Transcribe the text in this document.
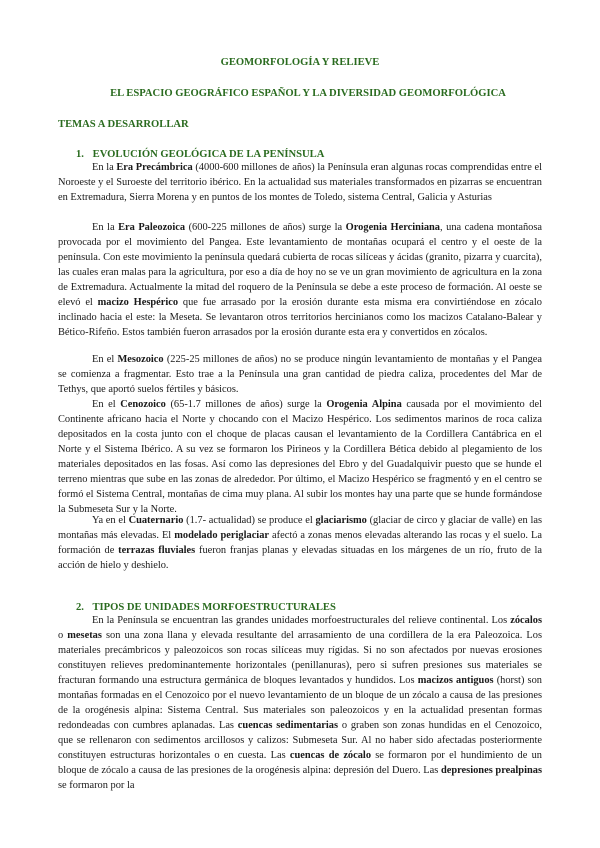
GEOMORFOLOGÍA Y RELIEVE
EL ESPACIO GEOGRÁFICO ESPAÑOL Y LA DIVERSIDAD GEOMORFOLÓGICA
TEMAS A DESARROLLAR
1. EVOLUCIÓN GEOLÓGICA DE LA PENÍNSULA

En la Era Precámbrica (4000-600 millones de años) la Península eran algunas rocas comprendidas entre el Noroeste y el Suroeste del territorio ibérico. En la actualidad sus materiales transformados en pizarras se encuentran en Extremadura, Sierra Morena y en puntos de los montes de Toledo, sistema Central, Galicia y Asturias

En la Era Paleozoica (600-225 millones de años) surge la Orogenia Herciniana, una cadena montañosa provocada por el movimiento del Pangea. Este levantamiento de montañas ocupará el centro y el oeste de la península. Con este movimiento la península quedará cubierta de rocas silíceas y ácidas (granito, pizarra y cuarcita), las cuales eran malas para la agricultura, por eso a día de hoy no se ve un gran movimiento de agricultura en la zona de Extremadura. Actualmente la mitad del roquero de la Península se debe a este proceso de formación. Al oeste se elevó el macizo Hespérico que fue arrasado por la erosión durante esta misma era convirtiéndose en zócalo inclinado hacia el este: la Meseta. Se levantaron otros territorios hercinianos como los macizos Catalano-Balear y Bético-Rifeño. Estos también fueron arrasados por la erosión durante esta era y convertidos en zócalos.

En el Mesozoico (225-25 millones de años) no se produce ningún levantamiento de montañas y el Pangea se comienza a fragmentar. Esto trae a la Península una gran cantidad de piedra caliza, procedentes del Mar de Tethys, que aportó suelos fértiles y básicos.

En el Cenozoico (65-1.7 millones de años) surge la Orogenia Alpina causada por el movimiento del Continente africano hacia el Norte y chocando con el Macizo Hespérico. Los sedimentos marinos de roca caliza depositados en la costa junto con el choque de placas causan el levantamiento de la Cordillera Cantábrica en el Norte y el Sistema Ibérico. A su vez se formaron los Pirineos y la Cordillera Bética debido al plegamiento de los materiales depositados en las fosas. Así como las depresiones del Ebro y del Guadalquivir puesto que se hunde el terreno mientras que sube en las zonas de alrededor. Por último, el Macizo Hespérico se fragmentó y en el centro se formó el Sistema Central, montañas de cima muy plana. Al subir los montes hay una parte que se hunde formándose la Submeseta Sur y la Norte.

Ya en el Cuaternario (1.7- actualidad) se produce el glaciarismo (glaciar de circo y glaciar de valle) en las montañas más elevadas. El modelado periglaciar afectó a zonas menos elevadas alterando las rocas y el suelo. La formación de terrazas fluviales fueron franjas planas y elevadas situadas en los márgenes de un río, fruto de la acción de hielo y deshielo.

2. TIPOS DE UNIDADES MORFOESTRUCTURALES

En la Península se encuentran las grandes unidades morfoestructurales del relieve continental. Los zócalos o mesetas son una zona llana y elevada resultante del arrasamiento de una cordillera de la era Paleozoica. Los materiales precámbricos y paleozoicos son rocas silíceas muy rígidas. Si no son afectados por nuevas erosiones constituyen relieves predominantemente horizontales (penillanuras), pero si sufren presiones sus materiales se fracturan formando una estructura germánica de bloques levantados y hundidos. Los macizos antiguos (horst) son montañas formadas en el Cenozoico por el nuevo levantamiento de un bloque de un zócalo a causa de las presiones de la orogénesis alpina: Sistema Central. Sus materiales son paleozoicos y en la actualidad presentan formas redondeadas con cumbres aplanadas. Las cuencas sedimentarias o graben son zonas hundidas en el Cenozoico, que se rellenaron con sedimentos arcillosos y calizos: Submeseta Sur. Al no haber sido afectadas posteriormente constituyen estructuras horizontales o en cuesta. Las cuencas de zócalo se formaron por el hundimiento de un bloque de zócalo a causa de las presiones de la orogénesis alpina: depresión del Duero. Las depresiones prealpinas se formaron por la
